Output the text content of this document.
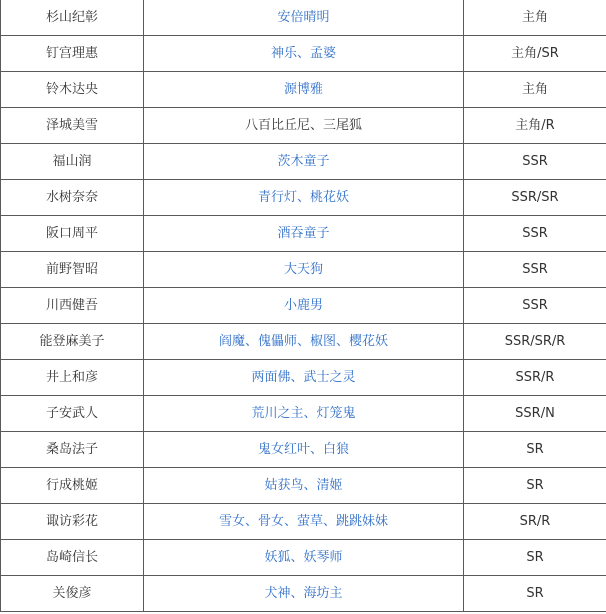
杉山纪彰	安倍晴明	主角
钉宫理惠	神乐、孟婆	主角/SR
铃木达央	源博雅	主角
泽城美雪	八百比丘尼、三尾狐	主角/R
福山润	茨木童子	SSR
水树奈奈	青行灯、桃花妖	SSR/SR
阪口周平	酒吞童子	SSR
前野智昭	大天狗	SSR
川西健吾	小鹿男	SSR
能登麻美子	阎魔、傀儡师、椒图、樱花妖	SSR/SR/R
井上和彦	两面佛、武士之灵	SSR/R
子安武人	荒川之主、灯笼鬼	SSR/N
桑岛法子	鬼女红叶、白狼	SR
行成桃姬	姑获鸟、清姬	SR
诹访彩花	雪女、骨女、萤草、跳跳妹妹	SR/R
岛崎信长	妖狐、妖琴师	SR
关俊彦	犬神、海坊主	SR
